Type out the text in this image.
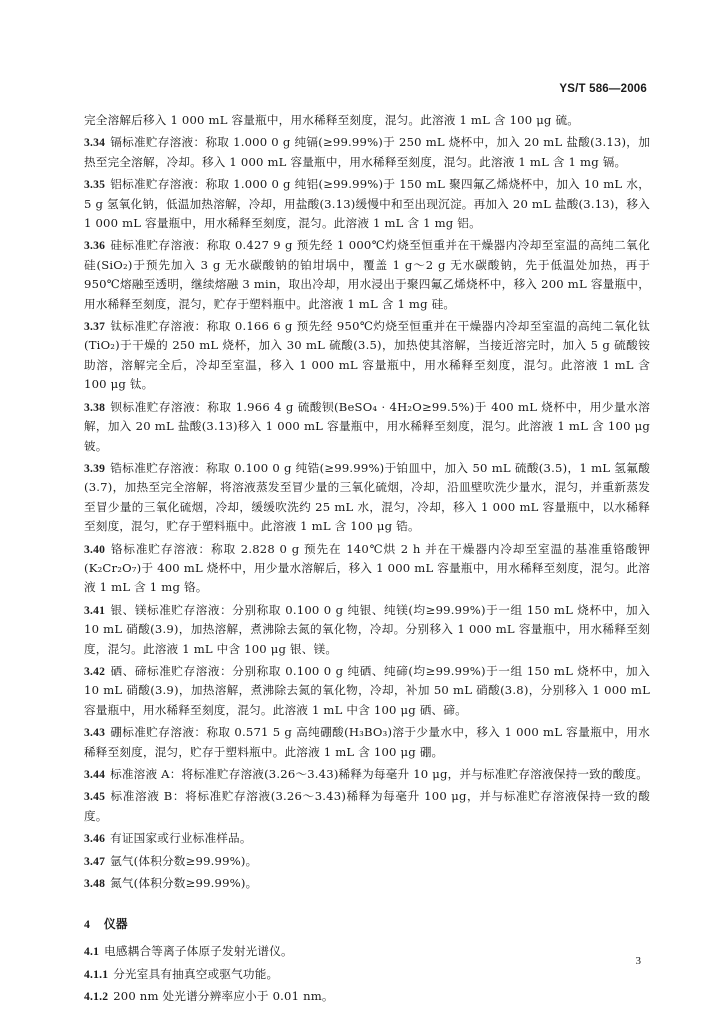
YS/T 586—2006
完全溶解后移入 1 000 mL 容量瓶中，用水稀释至刻度，混匀。此溶液 1 mL 含 100 μg 硫。
3.34 镉标准贮存溶液：称取 1.000 0 g 纯镉(≥99.99%)于 250 mL 烧杯中，加入 20 mL 盐酸(3.13)，加热至完全溶解，冷却。移入 1 000 mL 容量瓶中，用水稀释至刻度，混匀。此溶液 1 mL 含 1 mg 镉。
3.35 铝标准贮存溶液：称取 1.000 0 g 纯铝(≥99.99%)于 150 mL 聚四氟乙烯烧杯中，加入 10 mL 水，5 g 氢氧化钠，低温加热溶解，冷却，用盐酸(3.13)缓慢中和至出现沉淀。再加入 20 mL 盐酸(3.13)，移入 1 000 mL 容量瓶中，用水稀释至刻度，混匀。此溶液 1 mL 含 1 mg 铝。
3.36 硅标准贮存溶液：称取 0.427 9 g 预先经 1 000℃灼烧至恒重并在干燥器内冷却至室温的高纯二氧化硅(SiO₂)于预先加入 3 g 无水碳酸钠的铂坩埚中，覆盖 1 g～2 g 无水碳酸钠，先于低温处加热，再于 950℃熔融至透明，继续熔融 3 min，取出冷却，用水浸出于聚四氟乙烯烧杯中，移入 200 mL 容量瓶中，用水稀释至刻度，混匀，贮存于塑料瓶中。此溶液 1 mL 含 1 mg 硅。
3.37 钛标准贮存溶液：称取 0.166 6 g 预先经 950℃灼烧至恒重并在干燥器内冷却至室温的高纯二氧化钛(TiO₂)于干燥的 250 mL 烧杯，加入 30 mL 硫酸(3.5)，加热使其溶解，当接近溶完时，加入 5 g 硫酸铵助溶，溶解完全后，冷却至室温，移入 1 000 mL 容量瓶中，用水稀释至刻度，混匀。此溶液 1 mL 含 100 μg 钛。
3.38 钡标准贮存溶液：称取 1.966 4 g 硫酸钡(BeSO₄ · 4H₂O≥99.5%)于 400 mL 烧杯中，用少量水溶解，加入 20 mL 盐酸(3.13)移入 1 000 mL 容量瓶中，用水稀释至刻度，混匀。此溶液 1 mL 含 100 μg 铍。
3.39 锆标准贮存溶液：称取 0.100 0 g 纯锆(≥99.99%)于铂皿中，加入 50 mL 硫酸(3.5)，1 mL 氢氟酸(3.7)，加热至完全溶解，将溶液蒸发至冒少量的三氧化硫烟，冷却，沿皿壁吹洗少量水，混匀，并重新蒸发至冒少量的三氧化硫烟，冷却，缓缓吹洗约 25 mL 水，混匀，冷却，移入 1 000 mL 容量瓶中，以水稀释至刻度，混匀，贮存于塑料瓶中。此溶液 1 mL 含 100 μg 锆。
3.40 铬标准贮存溶液：称取 2.828 0 g 预先在 140℃烘 2 h 并在干燥器内冷却至室温的基准重铬酸钾(K₂Cr₂O₇)于 400 mL 烧杯中，用少量水溶解后，移入 1 000 mL 容量瓶中，用水稀释至刻度，混匀。此溶液 1 mL 含 1 mg 铬。
3.41 银、镁标准贮存溶液：分别称取 0.100 0 g 纯银、纯镁(均≥99.99%)于一组 150 mL 烧杯中，加入 10 mL 硝酸(3.9)，加热溶解，煮沸除去氮的氧化物，冷却。分别移入 1 000 mL 容量瓶中，用水稀释至刻度，混匀。此溶液 1 mL 中含 100 μg 银、镁。
3.42 硒、碲标准贮存溶液：分别称取 0.100 0 g 纯硒、纯碲(均≥99.99%)于一组 150 mL 烧杯中，加入 10 mL 硝酸(3.9)，加热溶解，煮沸除去氮的氧化物，冷却，补加 50 mL 硝酸(3.8)，分别移入 1 000 mL 容量瓶中，用水稀释至刻度，混匀。此溶液 1 mL 中含 100 μg 硒、碲。
3.43 硼标准贮存溶液：称取 0.571 5 g 高纯硼酸(H₃BO₃)溶于少量水中，移入 1 000 mL 容量瓶中，用水稀释至刻度，混匀，贮存于塑料瓶中。此溶液 1 mL 含 100 μg 硼。
3.44 标准溶液 A：将标准贮存溶液(3.26～3.43)稀释为每毫升 10 μg，并与标准贮存溶液保持一致的酸度。
3.45 标准溶液 B：将标准贮存溶液(3.26～3.43)稀释为每毫升 100 μg，并与标准贮存溶液保持一致的酸度。
3.46 有证国家或行业标准样品。
3.47 氩气(体积分数≥99.99%)。
3.48 氮气(体积分数≥99.99%)。
4 仪器
4.1 电感耦合等离子体原子发射光谱仪。
4.1.1 分光室具有抽真空或驱气功能。
4.1.2 200 nm 处光谱分辨率应小于 0.01 nm。
3
